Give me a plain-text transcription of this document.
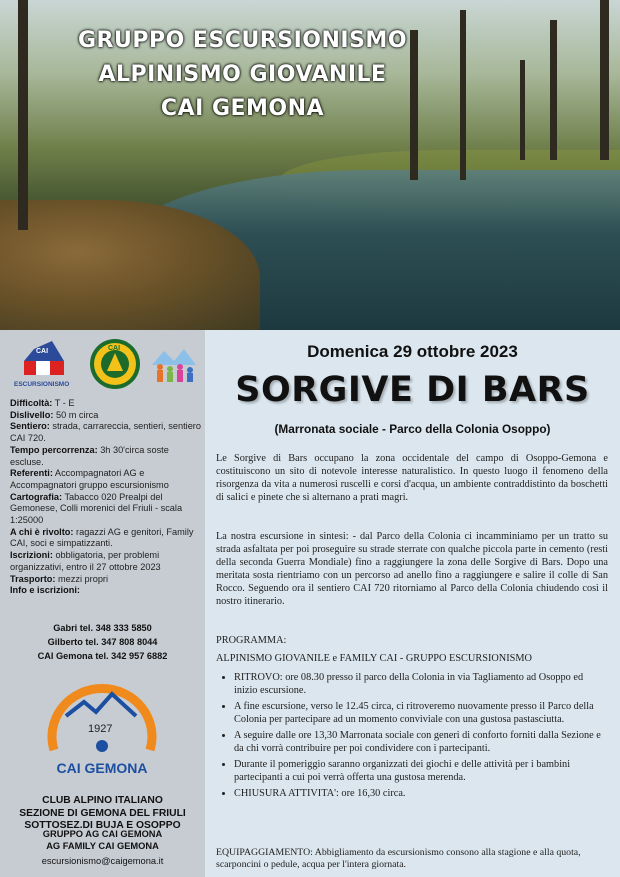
GRUPPO ESCURSIONISMO
ALPINISMO GIOVANILE
CAI GEMONA
CAI
ESCURSIONISMO
CAI
Difficoltà: T - E
Dislivello: 50 m circa
Sentiero: strada, carrareccia, sentieri, sentiero CAI 720.
Tempo percorrenza: 3h 30'circa soste escluse.
Referenti: Accompagnatori AG e Accompagnatori gruppo escursionismo
Cartografia: Tabacco 020 Prealpi del Gemonese, Colli morenici del Friuli - scala 1:25000
A chi è rivolto: ragazzi AG e genitori, Family CAI, soci e simpatizzanti.
Iscrizioni: obbligatoria, per problemi organizzativi, entro il 27 ottobre 2023
Trasporto: mezzi propri
Info e iscrizioni:
Gabri tel. 348 333 5850
Gilberto tel. 347 808 8044
CAI Gemona tel. 342 957 6882
1927
CAI GEMONA
CLUB ALPINO ITALIANO
SEZIONE DI GEMONA DEL FRIULI
SOTTOSEZ.DI BUJA E OSOPPO
GRUPPO AG CAI GEMONA
AG FAMILY CAI GEMONA
escursionismo@caigemona.it
Domenica 29 ottobre 2023
SORGIVE DI BARS
(Marronata sociale - Parco della Colonia Osoppo)

Le Sorgive di Bars occupano la zona occidentale del campo di Osoppo-Gemona e costituiscono un sito di notevole interesse naturalistico. In questo luogo il fenomeno della risorgenza da vita a numerosi ruscelli e corsi d'acqua, un ambiente contraddistinto da boschetti di salici e pinete che si alternano a prati magri.

La nostra escursione in sintesi: - dal Parco della Colonia ci incamminiamo per un tratto su strada asfaltata per poi proseguire su strade sterrate con qualche piccola parte in cemento (resti della seconda Guerra Mondiale) fino a raggiungere la zona delle Sorgive di Bars. Dopo una meritata sosta rientriamo con un percorso ad anello fino a raggiungere e salire il colle di San Rocco. Seguendo ora il sentiero CAI 720 ritorniamo al Parco della Colonia chiudendo così il nostro itinerario.

PROGRAMMA:
ALPINISMO GIOVANILE e FAMILY CAI - GRUPPO ESCURSIONISMO
• RITROVO: ore 08.30 presso il parco della Colonia in via Tagliamento ad Osoppo ed inizio escursione.
• A fine escursione, verso le 12.45 circa, ci ritroveremo nuovamente presso il Parco della Colonia per partecipare ad un momento conviviale con una gustosa pastasciutta.
• A seguire dalle ore 13,30 Marronata sociale con generi di conforto forniti dalla Sezione e da chi vorrà contribuire per poi condividere con i partecipanti.
• Durante il pomeriggio saranno organizzati dei giochi e delle attività per i bambini partecipanti a cui poi verrà offerta una gustosa merenda.
• CHIUSURA ATTIVITA': ore 16,30 circa.
EQUIPAGGIAMENTO: Abbigliamento da escursionismo consono alla stagione e alla quota, scarponcini o pedule, acqua per l'intera giornata.
